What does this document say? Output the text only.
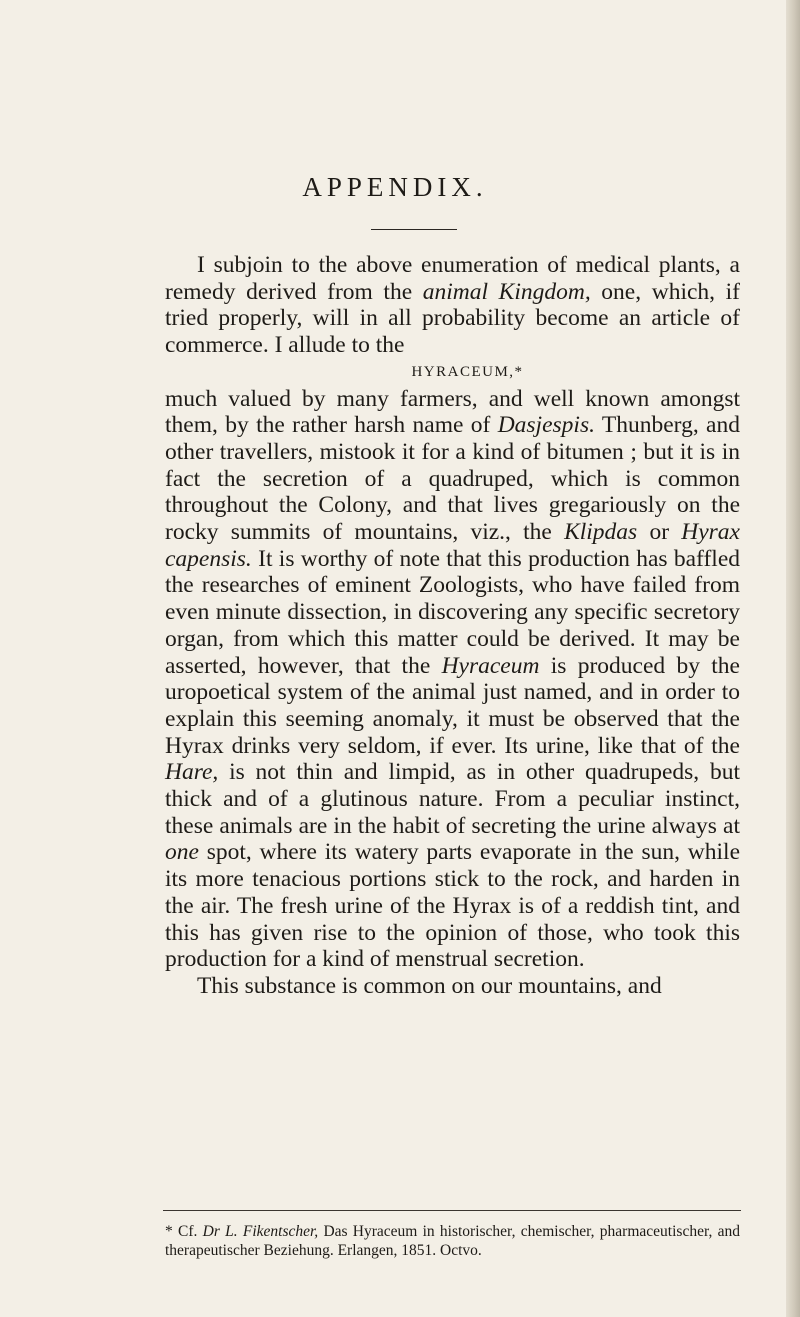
APPENDIX.

I subjoin to the above enumeration of medical plants, a remedy derived from the animal Kingdom, one, which, if tried properly, will in all probability become an article of commerce. I allude to the

HYRACEUM,*

much valued by many farmers, and well known amongst them, by the rather harsh name of Dasjespis. Thunberg, and other travellers, mistook it for a kind of bitumen ; but it is in fact the secretion of a quadruped, which is common throughout the Colony, and that lives gregariously on the rocky summits of mountains, viz., the Klipdas or Hyrax capensis. It is worthy of note that this production has baffled the researches of eminent Zoologists, who have failed from even minute dissection, in discovering any specific secretory organ, from which this matter could be derived. It may be asserted, however, that the Hyraceum is produced by the uropoetical system of the animal just named, and in order to explain this seeming anomaly, it must be observed that the Hyrax drinks very seldom, if ever. Its urine, like that of the Hare, is not thin and limpid, as in other quadrupeds, but thick and of a glutinous nature. From a peculiar instinct, these animals are in the habit of secreting the urine always at one spot, where its watery parts evaporate in the sun, while its more tenacious portions stick to the rock, and harden in the air. The fresh urine of the Hyrax is of a reddish tint, and this has given rise to the opinion of those, who took this production for a kind of menstrual secretion.

This substance is common on our mountains, and

* Cf. Dr L. Fikentscher, Das Hyraceum in historischer, chemischer, pharmaceutischer, and therapeutischer Beziehung. Erlangen, 1851. Octvo.
